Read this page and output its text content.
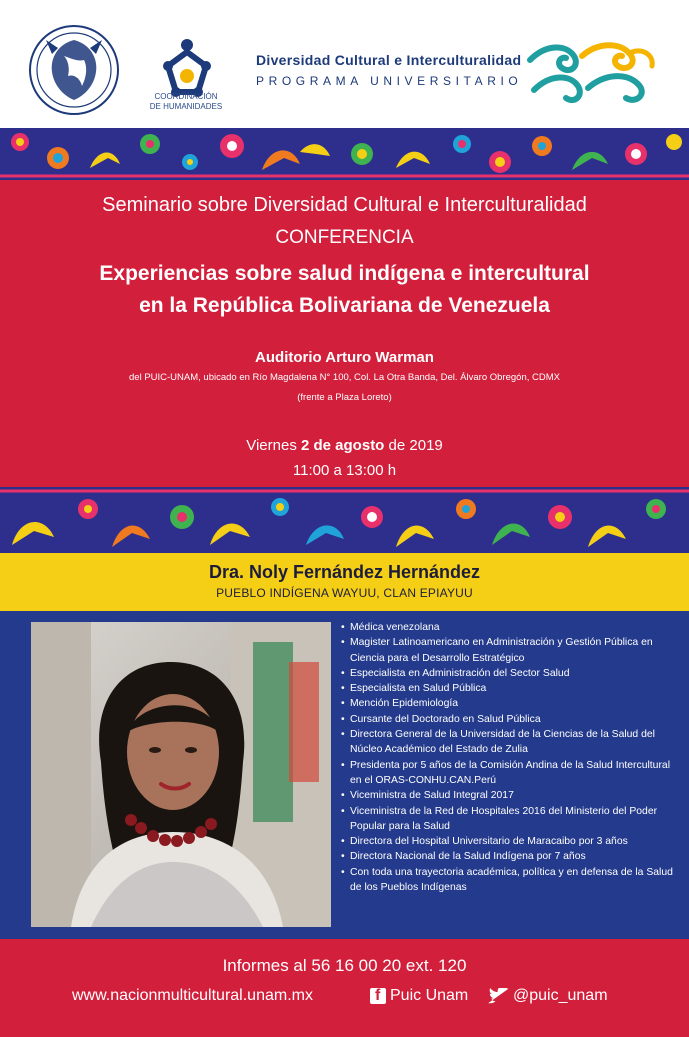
COORDINACIÓN
DE HUMANIDADES
Diversidad Cultural e Interculturalidad
PROGRAMA UNIVERSITARIO
Seminario sobre Diversidad Cultural e Interculturalidad
CONFERENCIA
Experiencias sobre salud indígena e intercultural
en la República Bolivariana de Venezuela
Auditorio Arturo Warman
del PUIC-UNAM, ubicado en Río Magdalena N° 100, Col. La Otra Banda, Del. Álvaro Obregón, CDMX
(frente a Plaza Loreto)
Viernes 2 de agosto de 2019
11:00 a 13:00 h
Dra. Noly Fernández Hernández
PUEBLO INDÍGENA WAYUU, CLAN EPIAYUU
• Médica venezolana
• Magister Latinoamericano en Administración y Gestión Pública en Ciencia para el Desarrollo Estratégico
• Especialista en Administración del Sector Salud
• Especialista en Salud Pública
• Mención Epidemiología
• Cursante del Doctorado en Salud Pública
• Directora General de la Universidad de la Ciencias de la Salud del Núcleo Académico del Estado de Zulia
• Presidenta por 5 años de la Comisión Andina de la Salud Intercultural en el ORAS-CONHU.CAN.Perú
• Viceministra de Salud Integral 2017
• Viceministra de la Red de Hospitales 2016 del Ministerio del Poder Popular para la Salud
• Directora del Hospital Universitario de Maracaibo por 3 años
• Directora Nacional de la Salud Indígena por 7 años
• Con toda una trayectoria académica, política y en defensa de la Salud de los Pueblos Indígenas
Informes al 56 16 00 20 ext. 120
www.nacionmulticultural.unam.mx	f Puic Unam	@puic_unam
